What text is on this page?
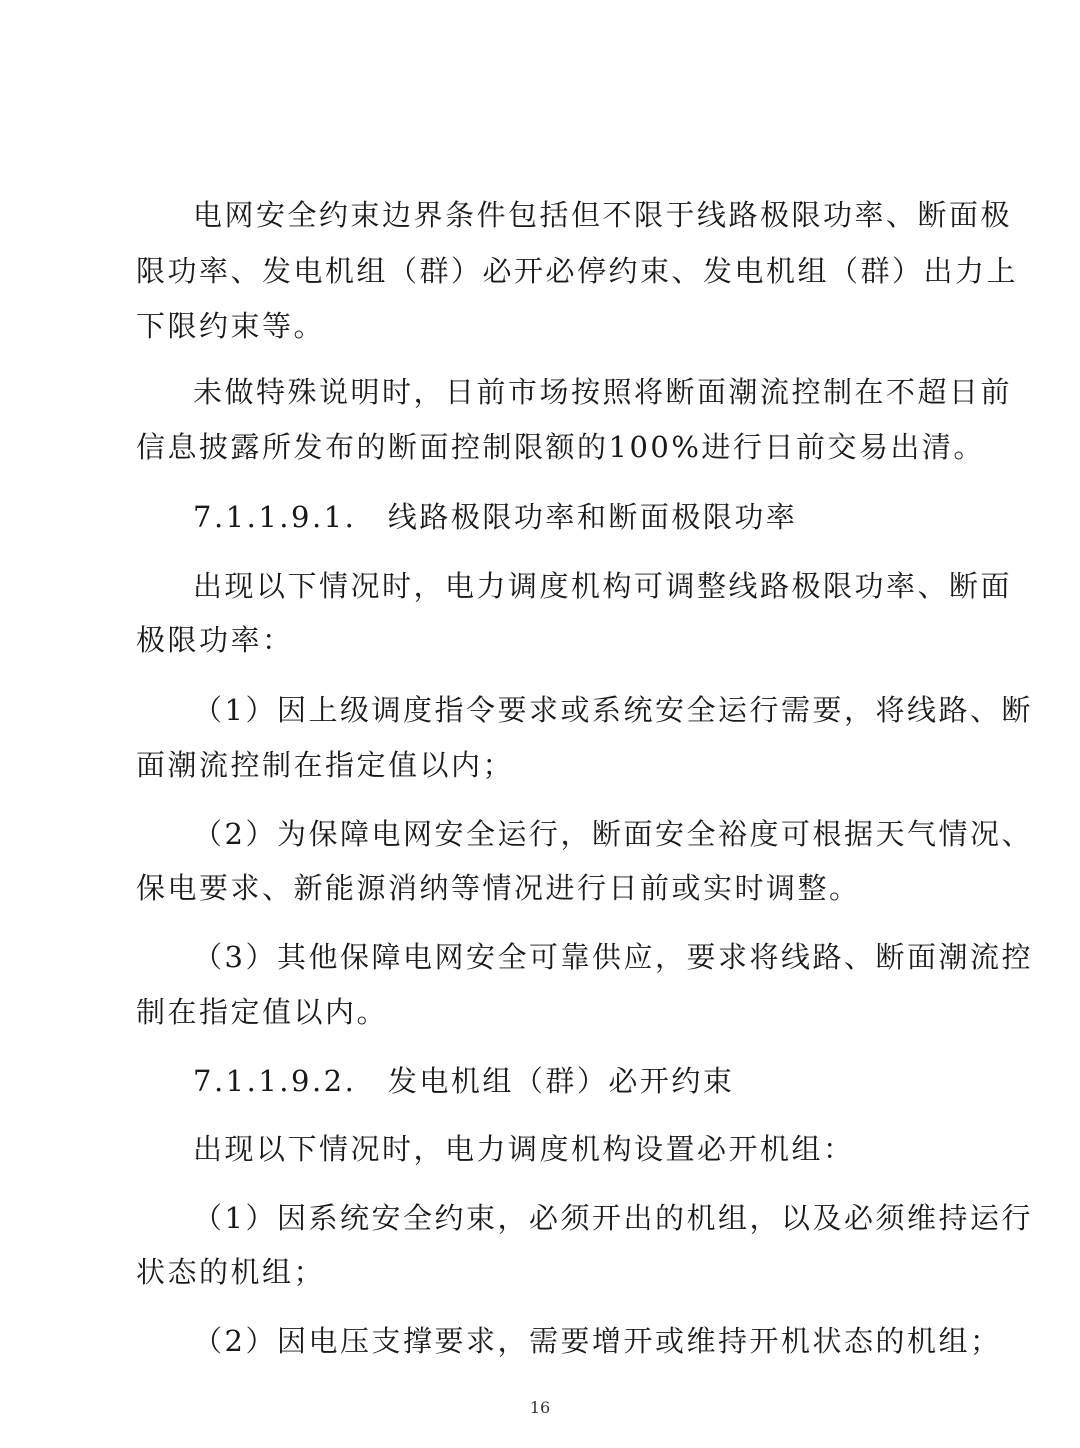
电网安全约束边界条件包括但不限于线路极限功率、断面极
限功率、发电机组（群）必开必停约束、发电机组（群）出力上
下限约束等。
未做特殊说明时，日前市场按照将断面潮流控制在不超日前
信息披露所发布的断面控制限额的100%进行日前交易出清。
7.1.1.9.1.　线路极限功率和断面极限功率
出现以下情况时，电力调度机构可调整线路极限功率、断面
极限功率：
（1）因上级调度指令要求或系统安全运行需要，将线路、断
面潮流控制在指定值以内；
（2）为保障电网安全运行，断面安全裕度可根据天气情况、
保电要求、新能源消纳等情况进行日前或实时调整。
（3）其他保障电网安全可靠供应，要求将线路、断面潮流控
制在指定值以内。
7.1.1.9.2.　发电机组（群）必开约束
出现以下情况时，电力调度机构设置必开机组：
（1）因系统安全约束，必须开出的机组，以及必须维持运行
状态的机组；
（2）因电压支撑要求，需要增开或维持开机状态的机组；
16
